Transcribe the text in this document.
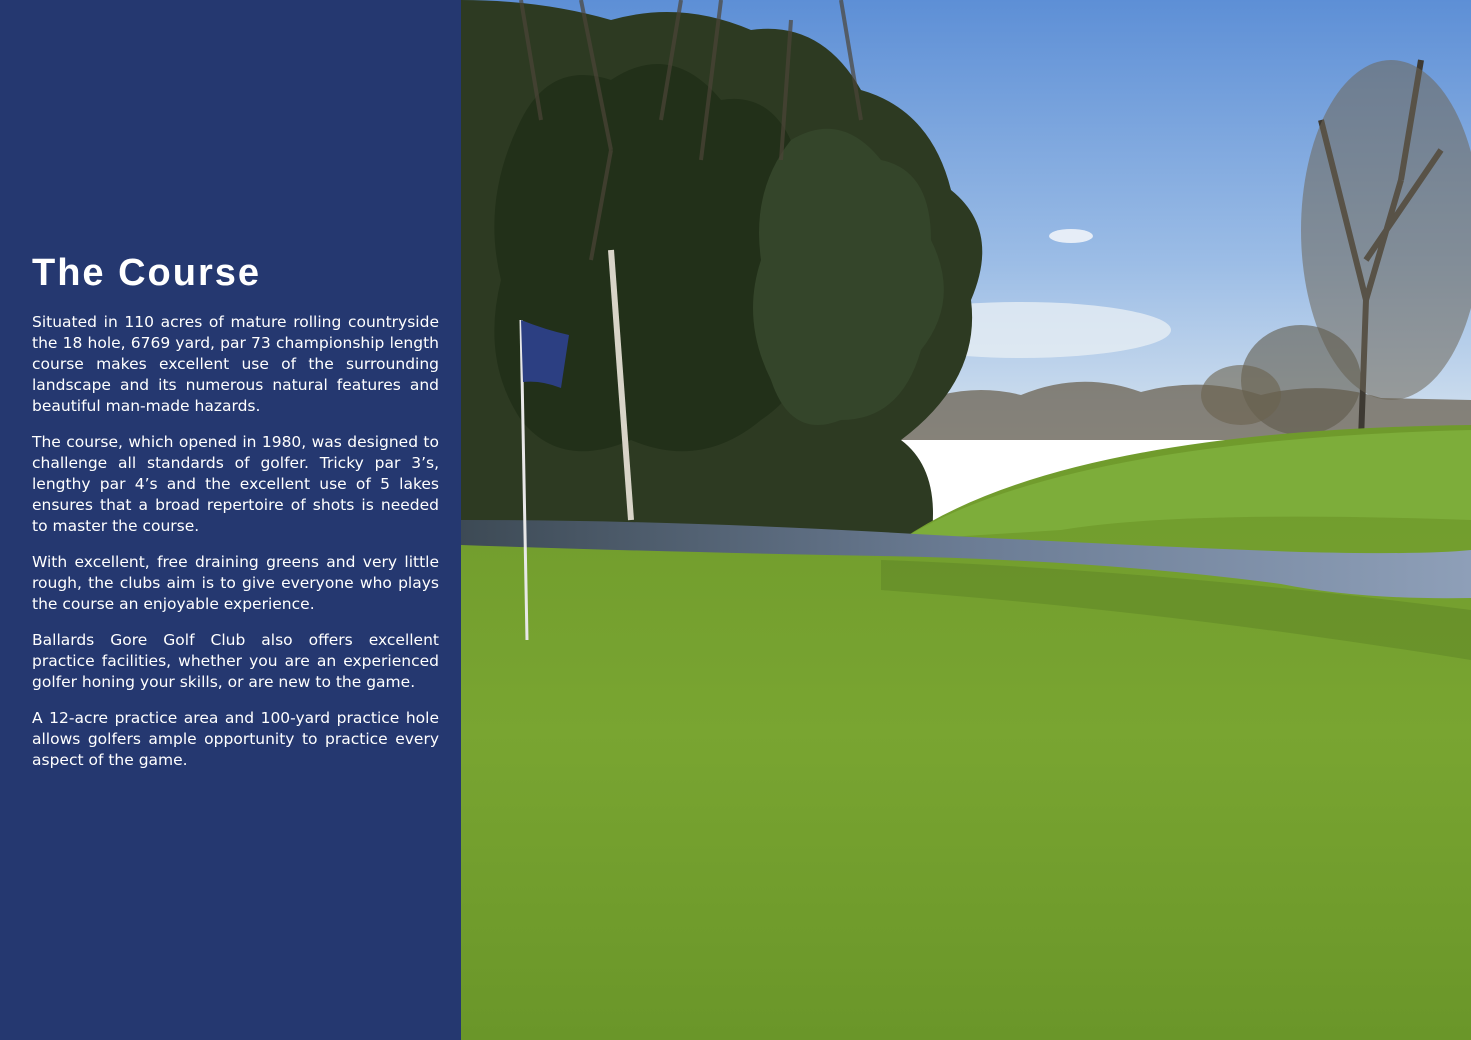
The Course

Situated in 110 acres of mature rolling countryside the 18 hole, 6769 yard, par 73 championship length course makes excellent use of the surrounding landscape and its numerous natural features and beautiful man-made hazards.

The course, which opened in 1980, was designed to challenge all standards of golfer. Tricky par 3’s, lengthy par 4’s and the excellent use of 5 lakes ensures that a broad repertoire of shots is needed to master the course.

With excellent, free draining greens and very little rough, the clubs aim is to give everyone who plays the course an enjoyable experience.

Ballards Gore Golf Club also offers excellent practice facilities, whether you are an experienced golfer honing your skills, or are new to the game.

A 12-acre practice area and 100-yard practice hole allows golfers ample opportunity to practice every aspect of the game.
